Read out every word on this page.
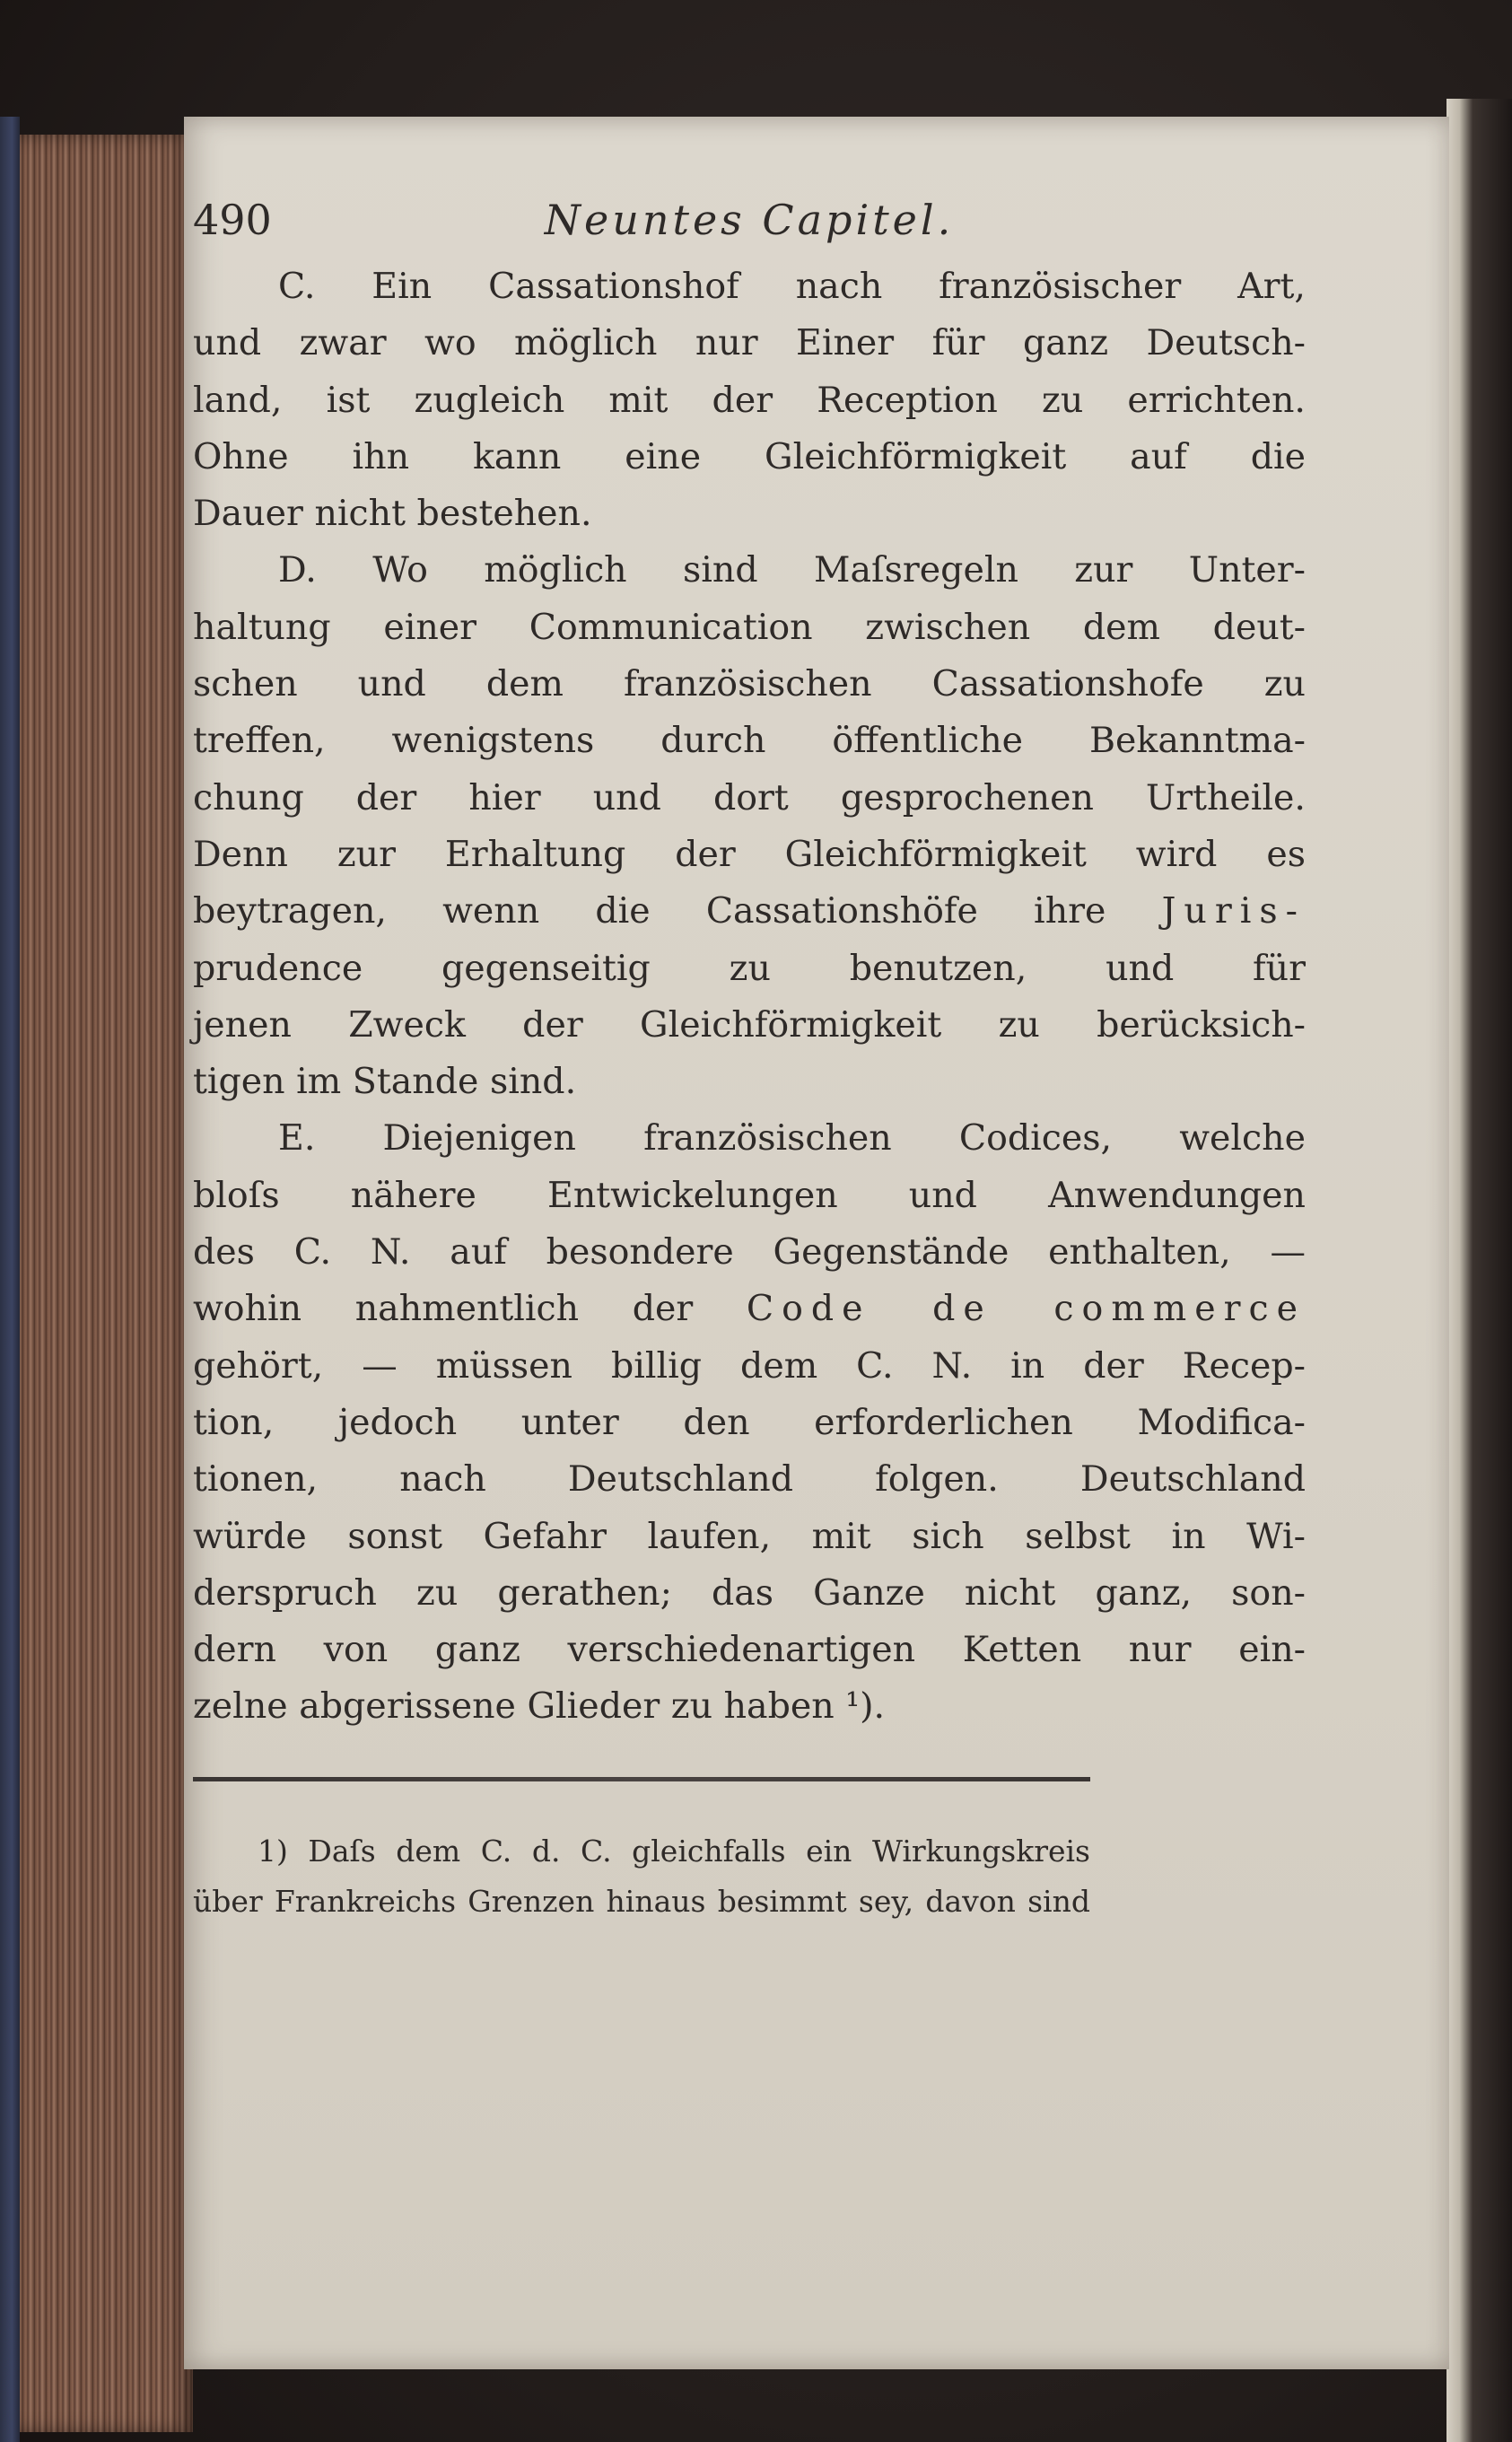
490	Neuntes Capitel.
C. Ein Cassationshof nach französischer Art,
und zwar wo möglich nur Einer für ganz Deutsch-
land, ist zugleich mit der Reception zu errichten.
Ohne ihn kann eine Gleichförmigkeit auf die
Dauer nicht bestehen.
D. Wo möglich sind Maſsregeln zur Unter-
haltung einer Communication zwischen dem deut-
schen und dem französischen Cassationshofe zu
treffen, wenigstens durch öffentliche Bekanntma-
chung der hier und dort gesprochenen Urtheile.
Denn zur Erhaltung der Gleichförmigkeit wird es
beytragen, wenn die Cassationshöfe ihre Juris-
prudence gegenseitig zu benutzen, und für
jenen Zweck der Gleichförmigkeit zu berücksich-
tigen im Stande sind.
E. Diejenigen französischen Codices, welche
bloſs nähere Entwickelungen und Anwendungen
des C. N. auf besondere Gegenstände enthalten, —
wohin nahmentlich der Code de commerce
gehört, — müssen billig dem C. N. in der Recep-
tion, jedoch unter den erforderlichen Modifica-
tionen, nach Deutschland folgen. Deutschland
würde sonst Gefahr laufen, mit sich selbst in Wi-
derspruch zu gerathen; das Ganze nicht ganz, son-
dern von ganz verschiedenartigen Ketten nur ein-
zelne abgerissene Glieder zu haben ¹).
1) Daſs dem C. d. C. gleichfalls ein Wirkungskreis
über Frankreichs Grenzen hinaus besimmt sey, davon sind
